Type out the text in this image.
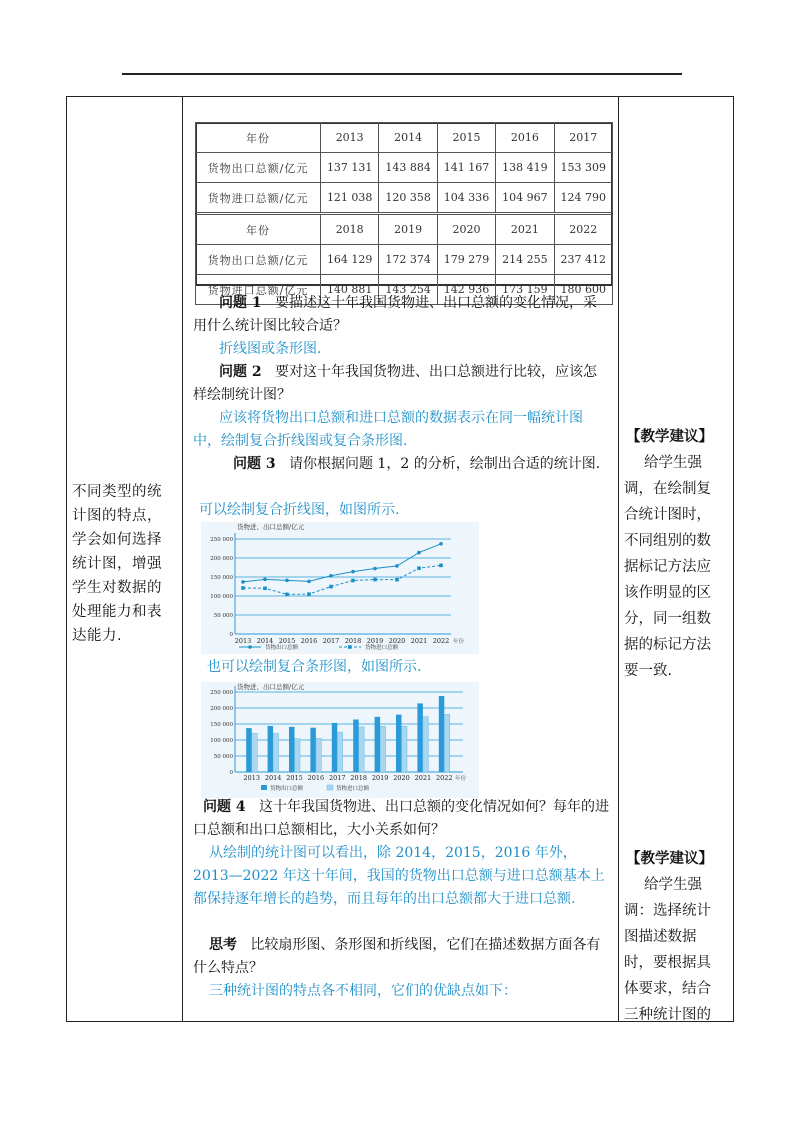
不同类型的统
计图的特点，
学会如何选择
统计图，增强
学生对数据的
处理能力和表
达能力.
年份	2013	2014	2015	2016	2017
货物出口总额/亿元	137 131	143 884	141 167	138 419	153 309
货物进口总额/亿元	121 038	120 358	104 336	104 967	124 790
年份	2018	2019	2020	2021	2022
货物出口总额/亿元	164 129	172 374	179 279	214 255	237 412
货物进口总额/亿元	140 881	143 254	142 936	173 159	180 600
问题 1 要描述这十年我国货物进、出口总额的变化情况，采用什么统计图比较合适？
折线图或条形图.
问题 2 要对这十年我国货物进、出口总额进行比较，应该怎样绘制统计图？
应该将货物出口总额和进口总额的数据表示在同一幅统计图中，绘制复合折线图或复合条形图.
问题 3 请你根据问题 1，2 的分析，绘制出合适的统计图.
可以绘制复合折线图，如图所示.
货物进、出口总额/亿元
0
50 000
100 000
150 000
200 000
250 000
2013 2014 2015 2016 2017 2018 2019 2020 2021 2022 年份
货物出口总额	货物进口总额
也可以绘制复合条形图，如图所示.
货物进、出口总额/亿元
0
50 000
100 000
150 000
200 000
250 000
2013 2014 2015 2016 2017 2018 2019 2020 2021 2022 年份
货物出口总额	货物进口总额
问题 4 这十年我国货物进、出口总额的变化情况如何？每年的进口总额和出口总额相比，大小关系如何？
从绘制的统计图可以看出，除 2014，2015，2016 年外，2013—2022 年这十年间，我国的货物出口总额与进口总额基本上都保持逐年增长的趋势，而且每年的出口总额都大于进口总额.
思考 比较扇形图、条形图和折线图，它们在描述数据方面各有什么特点？
三种统计图的特点各不相同，它们的优缺点如下：
【教学建议】
给学生强
调，在绘制复
合统计图时，
不同组别的数
据标记方法应
该作明显的区
分，同一组数
据的标记方法
要一致.
【教学建议】
给学生强
调：选择统计
图描述数据
时，要根据具
体要求，结合
三种统计图的
